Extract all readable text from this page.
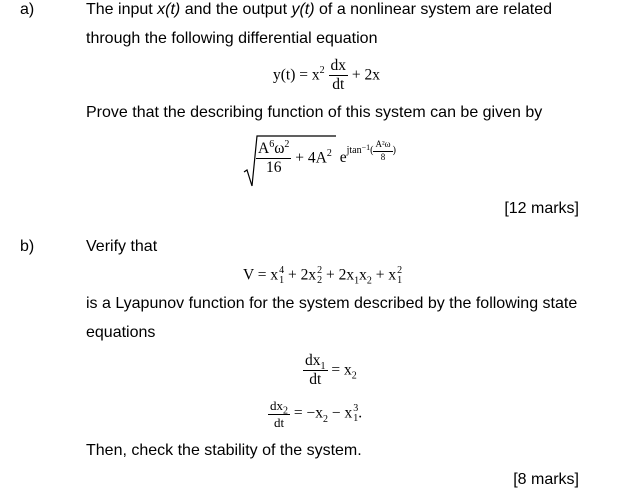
a)	The input x(t) and the output y(t) of a nonlinear system are related
through the following differential equation
$y(t) = x^2 \frac{dx}{dt} + 2x$
Prove that the describing function of this system can be given by
$\frac{A^6\omega^2}{16} + 4A^2$ $e^{jtan^{-1}( \frac{\text{A²ω}}{8} )}$
[12 marks]
b)	Verify that
V = x 4
1 + 2x 2
$2 + 2x_1x_2 + x$ 2
1
is a Lyapunov function for the system described by the following state
equations
$\frac{dx_1}{dt} = x_2$
$\frac{dx_2}{dt} = -x_2 - x$ 3
1 .
Then, check the stability of the system.
[8 marks]
